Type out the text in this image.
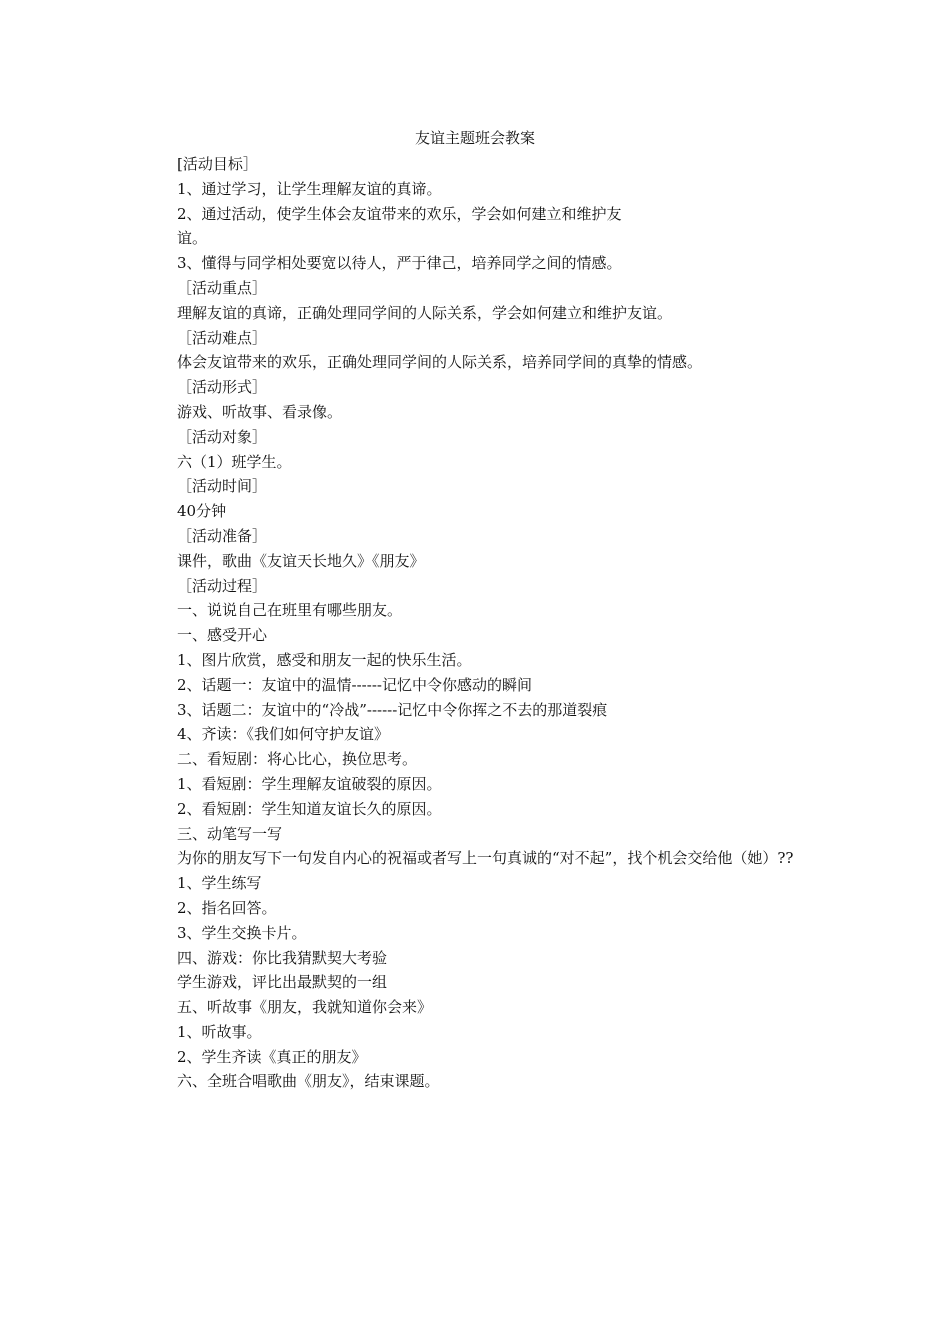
友谊主题班会教案

[活动目标］

1、通过学习，让学生理解友谊的真谛。

2、通过活动，使学生体会友谊带来的欢乐，学会如何建立和维护友

谊。

3、懂得与同学相处要宽以待人，严于律己，培养同学之间的情感。

［活动重点］

理解友谊的真谛，正确处理同学间的人际关系，学会如何建立和维护友谊。

［活动难点］

体会友谊带来的欢乐，正确处理同学间的人际关系，培养同学间的真挚的情感。

［活动形式］

游戏、听故事、看录像。

［活动对象］

六（1）班学生。

［活动时间］

40分钟

［活动准备］

课件，歌曲《友谊天长地久》《朋友》

［活动过程］

一、说说自己在班里有哪些朋友。

一、感受开心

1、图片欣赏，感受和朋友一起的快乐生活。

2、话题一：友谊中的温情------记忆中令你感动的瞬间

3、话题二：友谊中的“冷战”------记忆中令你挥之不去的那道裂痕

4、齐读：《我们如何守护友谊》

二、看短剧：将心比心，换位思考。

1、看短剧：学生理解友谊破裂的原因。

2、看短剧：学生知道友谊长久的原因。

三、动笔写一写

为你的朋友写下一句发自内心的祝福或者写上一句真诚的“对不起”，找个机会交给他（她）??

1、学生练写

2、指名回答。

3、学生交换卡片。

四、游戏：你比我猜默契大考验

学生游戏，评比出最默契的一组

五、听故事《朋友，我就知道你会来》

1、听故事。

2、学生齐读《真正的朋友》

六、全班合唱歌曲《朋友》，结束课题。
